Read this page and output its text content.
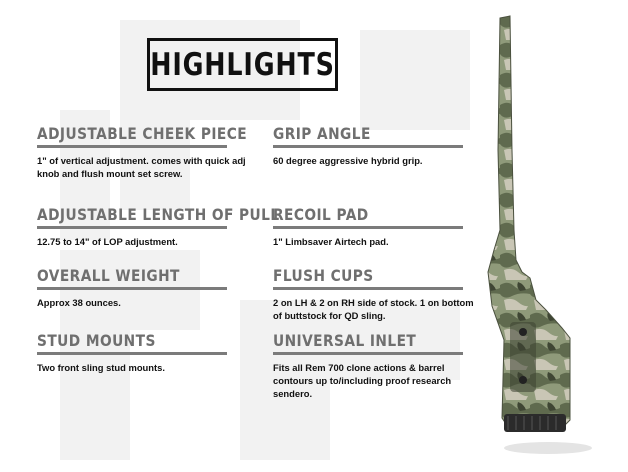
HIGHLIGHTS
ADJUSTABLE CHEEK PIECE
1" of vertical adjustment. comes with quick adj knob and flush mount set screw.
ADJUSTABLE LENGTH OF PULL
12.75 to 14" of LOP adjustment.
OVERALL WEIGHT
Approx 38 ounces.
STUD MOUNTS
Two front sling stud mounts.
GRIP ANGLE
60 degree aggressive hybrid grip.
RECOIL PAD
1" Limbsaver Airtech pad.
FLUSH CUPS
2 on LH & 2 on RH side of stock. 1 on bottom of buttstock for QD sling.
UNIVERSAL INLET
Fits all Rem 700 clone actions & barrel contours up to/including proof research sendero.
